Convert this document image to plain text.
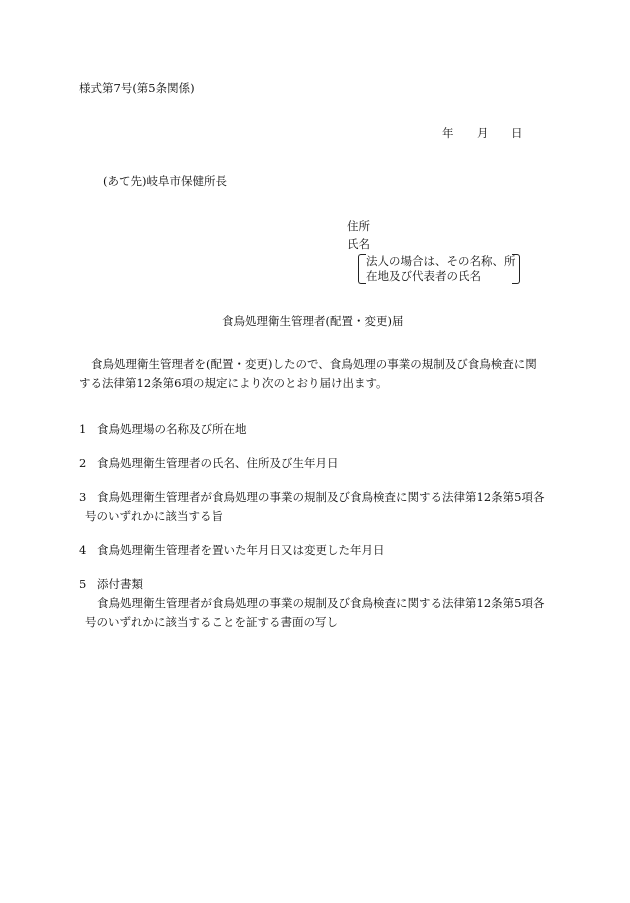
様式第7号(第5条関係)
年 月 日
(あて先)岐阜市保健所長
住所
氏名
法人の場合は、その名称、所
在地及び代表者の氏名
食鳥処理衛生管理者(配置・変更)届
食鳥処理衛生管理者を(配置・変更)したので、食鳥処理の事業の規制及び食鳥検査に関
する法律第12条第6項の規定により次のとおり届け出ます。
1 食鳥処理場の名称及び所在地
2 食鳥処理衛生管理者の氏名、住所及び生年月日
3 食鳥処理衛生管理者が食鳥処理の事業の規制及び食鳥検査に関する法律第12条第5項各
号のいずれかに該当する旨
4 食鳥処理衛生管理者を置いた年月日又は変更した年月日
5 添付書類
食鳥処理衛生管理者が食鳥処理の事業の規制及び食鳥検査に関する法律第12条第5項各
号のいずれかに該当することを証する書面の写し
